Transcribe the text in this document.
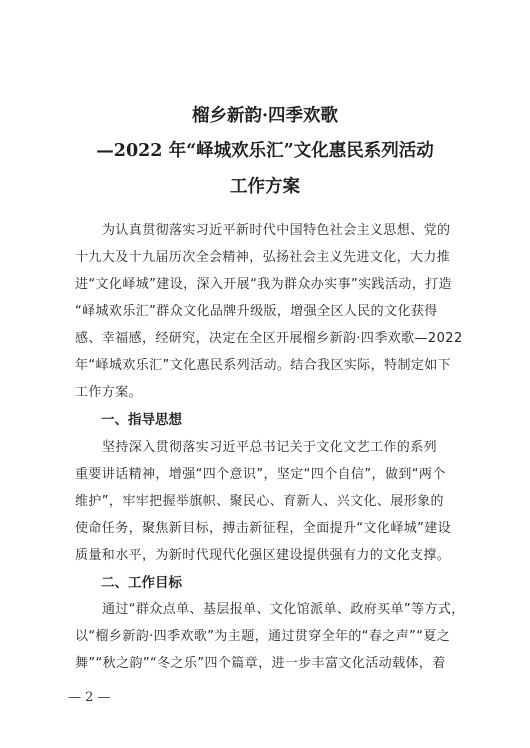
榴乡新韵·四季欢歌
—2022 年“峄城欢乐汇”文化惠民系列活动
工作方案
为认真贯彻落实习近平新时代中国特色社会主义思想、党的
十九大及十九届历次全会精神，弘扬社会主义先进文化，大力推
进“文化峄城”建设，深入开展“我为群众办实事”实践活动，打造
“峄城欢乐汇”群众文化品牌升级版，增强全区人民的文化获得
感、幸福感，经研究，决定在全区开展榴乡新韵·四季欢歌—2022
年“峄城欢乐汇”文化惠民系列活动。结合我区实际，特制定如下
工作方案。
一、指导思想
坚持深入贯彻落实习近平总书记关于文化文艺工作的系列
重要讲话精神，增强“四个意识”，坚定“四个自信”，做到“两个
维护”，牢牢把握举旗帜、聚民心、育新人、兴文化、展形象的
使命任务，聚焦新目标，搏击新征程，全面提升“文化峄城”建设
质量和水平，为新时代现代化强区建设提供强有力的文化支撑。
二、工作目标
通过“群众点单、基层报单、文化馆派单、政府买单”等方式，
以“榴乡新韵·四季欢歌”为主题，通过贯穿全年的“春之声”“夏之
舞”“秋之韵”“冬之乐”四个篇章，进一步丰富文化活动载体，着
— 2 —
